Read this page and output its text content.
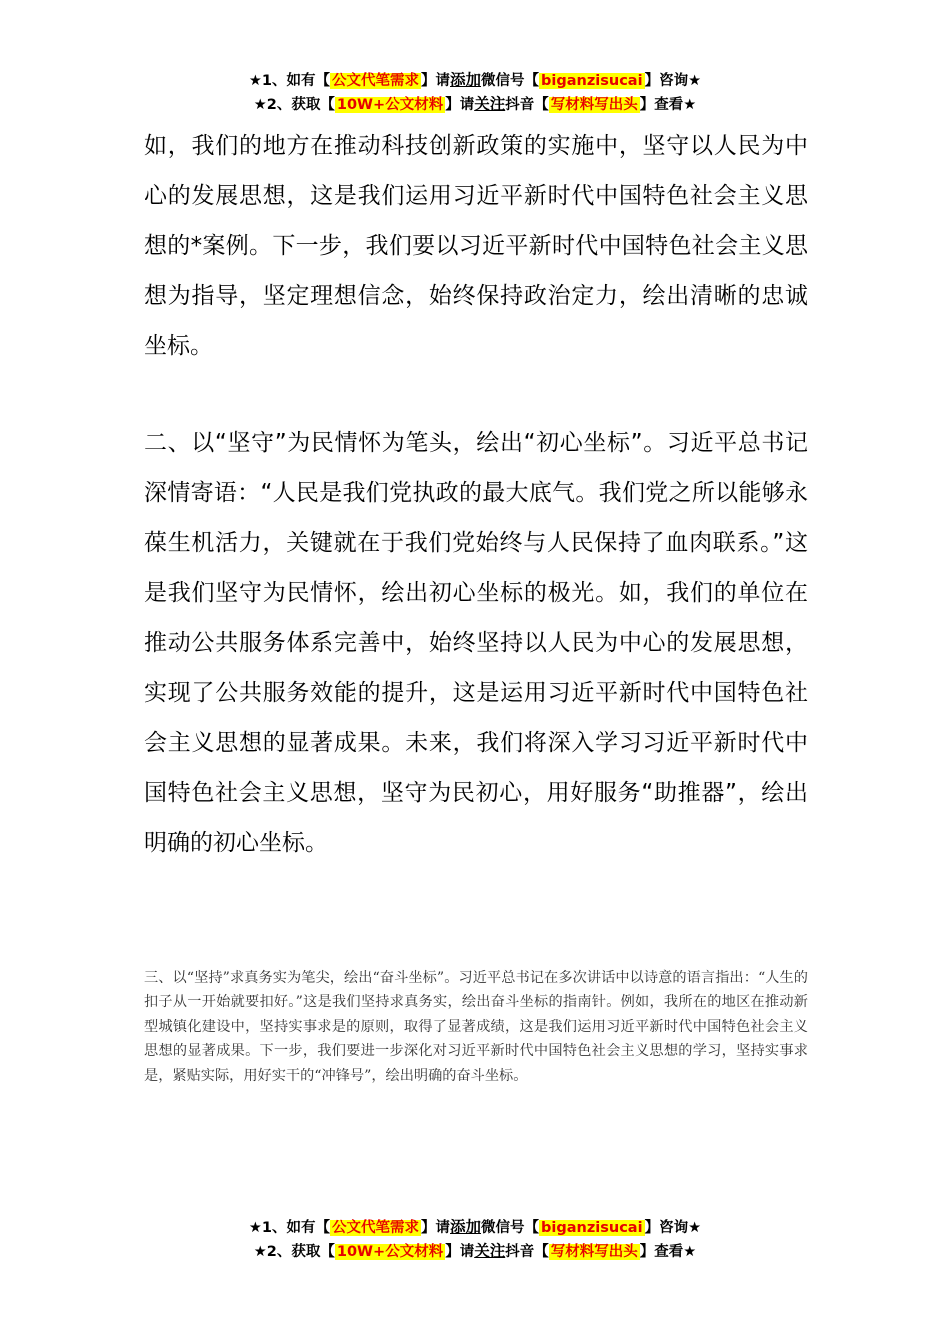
★1、如有【 公文代笔需求 】请添加微信号【 biganzisucai 】咨询★
★2、获取【 10W+公文材料 】请关注抖音【 写材料写出头 】查看★

如，我们的地方在推动科技创新政策的实施中，坚守以人民为中心的发展思想，这是我们运用习近平新时代中国特色社会主义思想的*案例。下一步，我们要以习近平新时代中国特色社会主义思想为指导，坚定理想信念，始终保持政治定力，绘出清晰的忠诚坐标。

二、以“坚守”为民情怀为笔头，绘出“初心坐标”。习近平总书记深情寄语：“人民是我们党执政的最大底气。我们党之所以能够永葆生机活力，关键就在于我们党始终与人民保持了血肉联系。”这是我们坚守为民情怀，绘出初心坐标的极光。如，我们的单位在推动公共服务体系完善中，始终坚持以人民为中心的发展思想，实现了公共服务效能的提升，这是运用习近平新时代中国特色社会主义思想的显著成果。未来，我们将深入学习习近平新时代中国特色社会主义思想，坚守为民初心，用好服务“助推器”，绘出明确的初心坐标。

三、以“坚持”求真务实为笔尖，绘出“奋斗坐标”。习近平总书记在多次讲话中以诗意的语言指出：“人生的扣子从一开始就要扣好。”这是我们坚持求真务实，绘出奋斗坐标的指南针。例如，我所在的地区在推动新型城镇化建设中，坚持实事求是的原则，取得了显著成绩，这是我们运用习近平新时代中国特色社会主义思想的显著成果。下一步，我们要进一步深化对习近平新时代中国特色社会主义思想的学习，坚持实事求是，紧贴实际，用好实干的“冲锋号”，绘出明确的奋斗坐标。

★1、如有【 公文代笔需求 】请添加微信号【 biganzisucai 】咨询★
★2、获取【 10W+公文材料 】请关注抖音【 写材料写出头 】查看★
